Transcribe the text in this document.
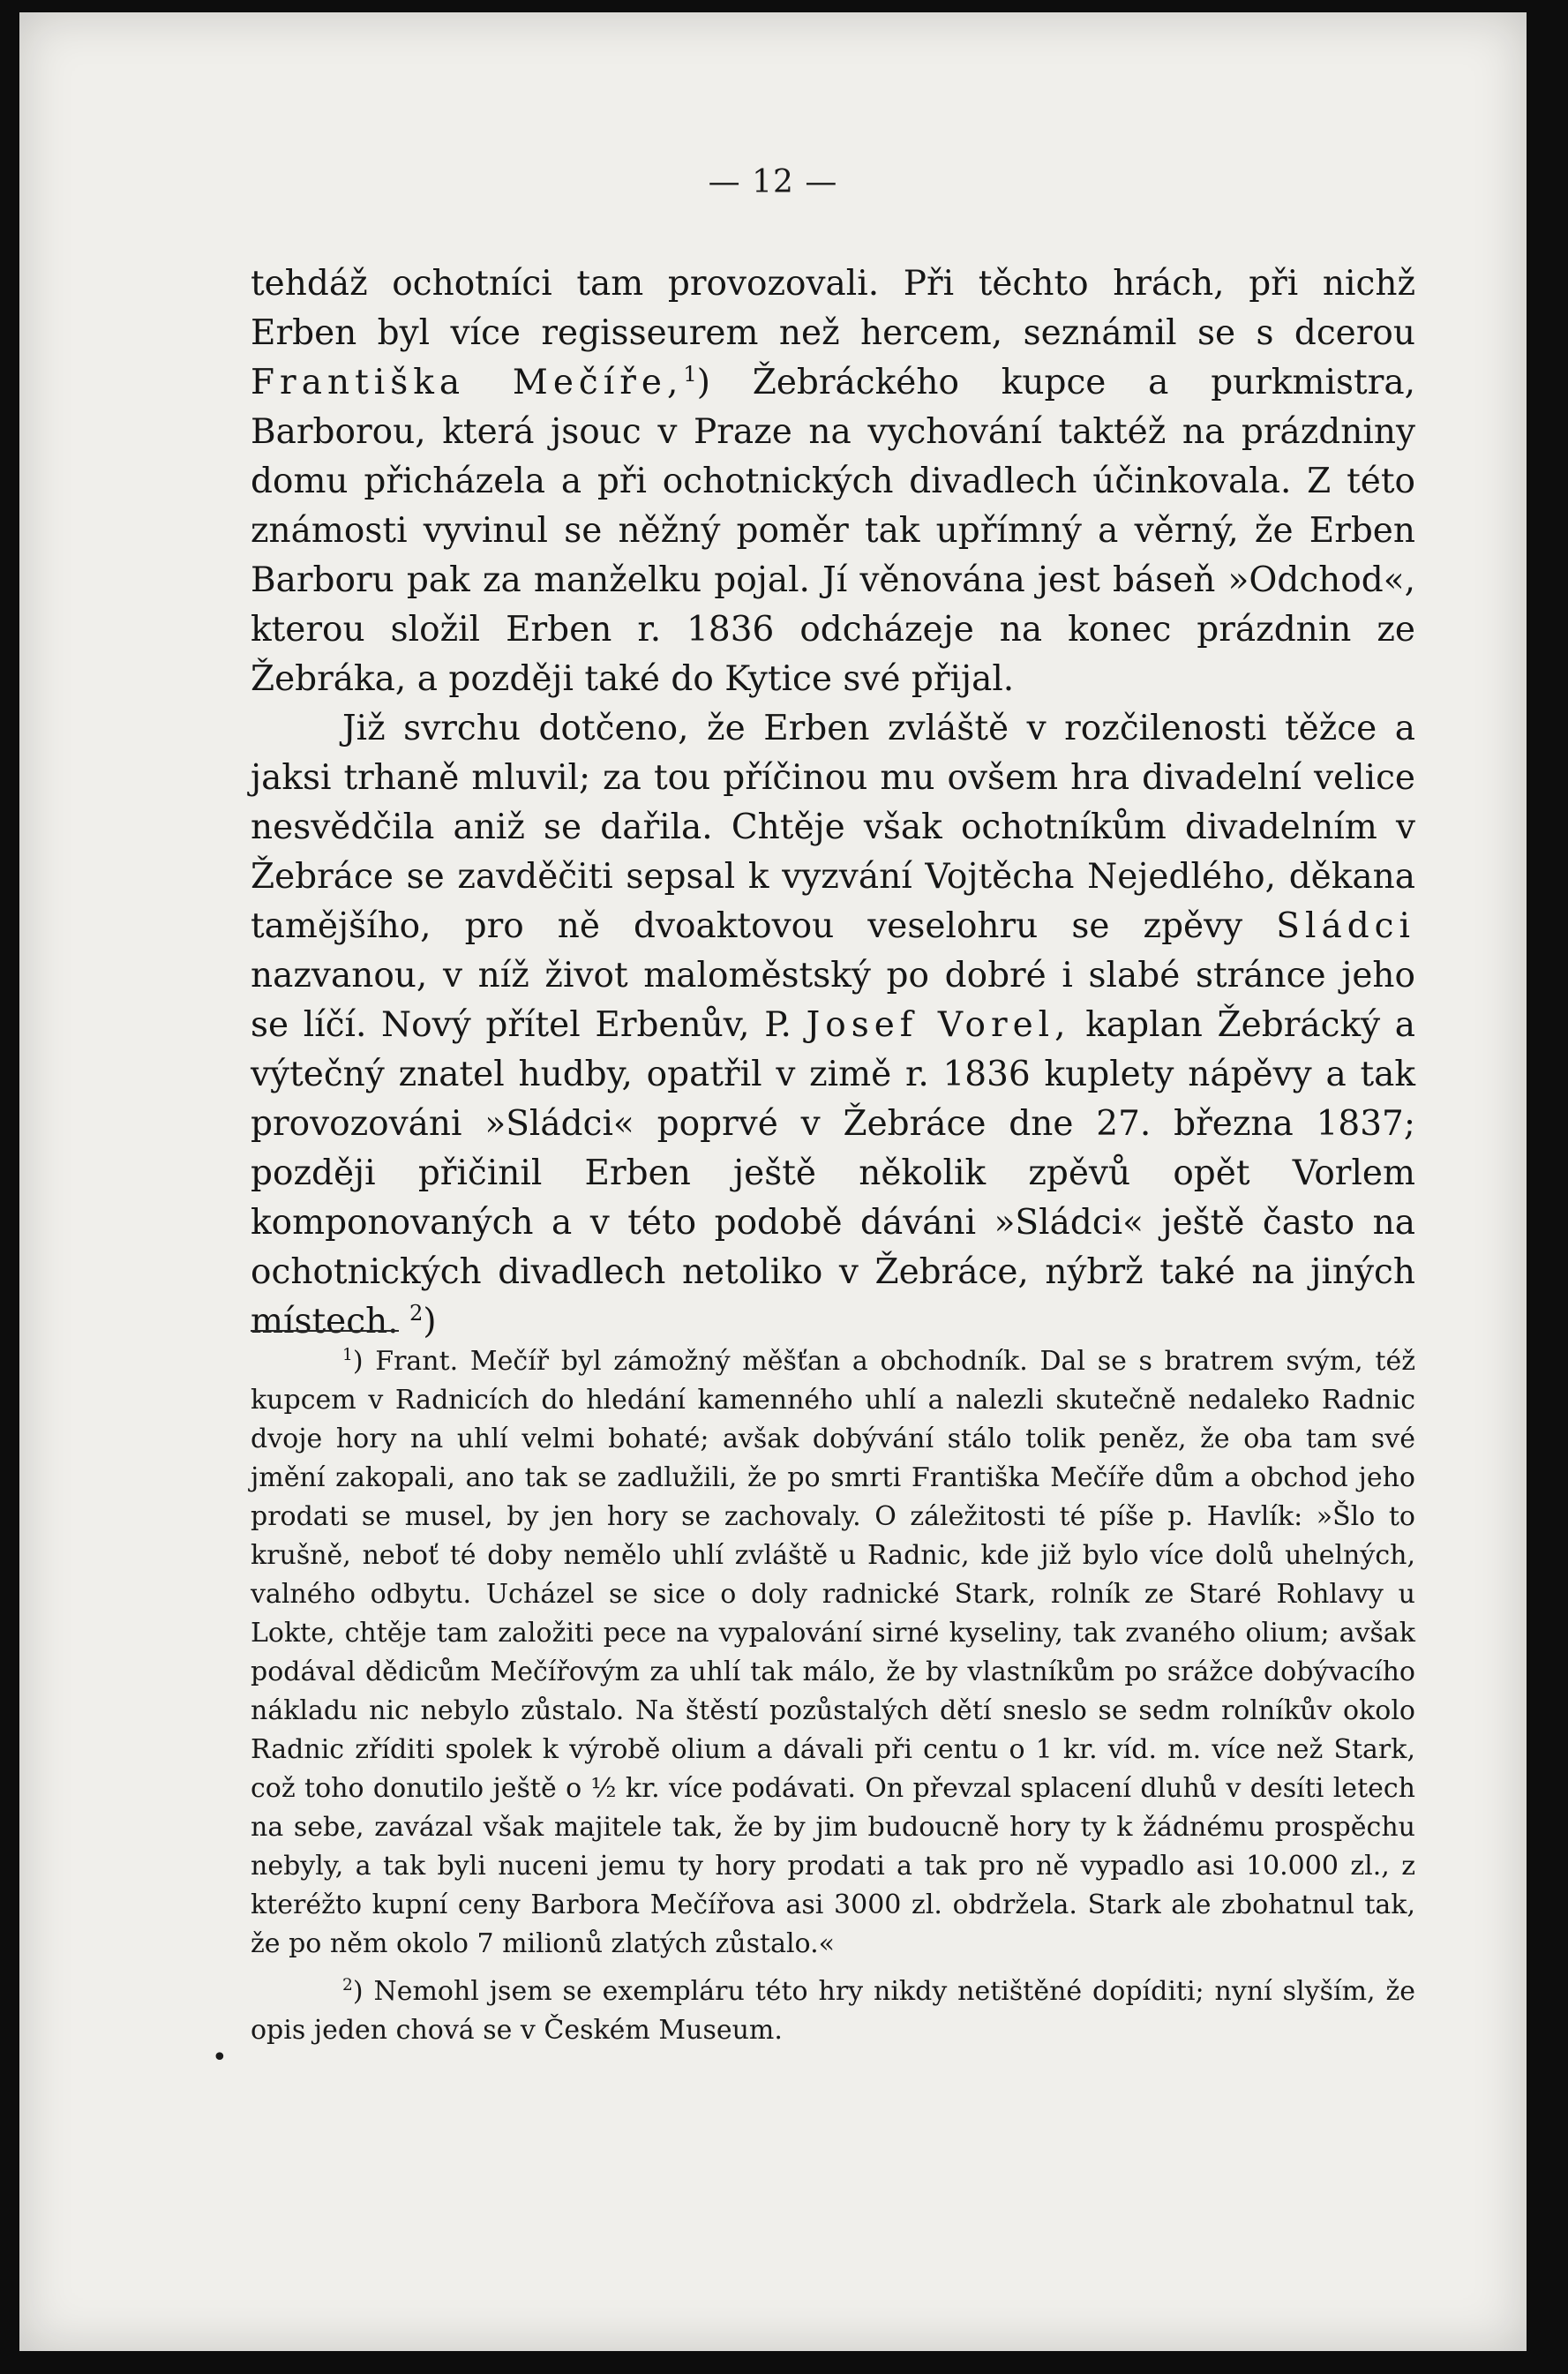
— 12 —

tehdáž ochotníci tam provozovali. Při těchto hrách, při nichž Erben byl více regisseurem než hercem, seznámil se s dcerou Františka Mečíře,$^1$) Žebráckého kupce a purkmistra, Barborou, která jsouc v Praze na vychování taktéž na prázdniny domu přicházela a při ochotnických divadlech účinkovala. Z této známosti vyvinul se něžný poměr tak upřímný a věrný, že Erben Barboru pak za manželku pojal. Jí věnována jest báseň »Odchod«, kterou složil Erben r. 1836 odcházeje na konec prázdnin ze Žebráka, a později také do Kytice své přijal.

Již svrchu dotčeno, že Erben zvláště v rozčilenosti těžce a jaksi trhaně mluvil; za tou příčinou mu ovšem hra divadelní velice nesvědčila aniž se dařila. Chtěje však ochotníkům divadelním v Žebráce se zavděčiti sepsal k vyzvání Vojtěcha Nejedlého, děkana tamějšího, pro ně dvoaktovou veselohru se zpěvy Sládci nazvanou, v níž život maloměstský po dobré i slabé stránce jeho se líčí. Nový přítel Erbenův, P. Josef Vorel, kaplan Žebrácký a výtečný znatel hudby, opatřil v zimě r. 1836 kuplety nápěvy a tak provozováni »Sládci« poprvé v Žebráce dne 27. března 1837; později přičinil Erben ještě několik zpěvů opět Vorlem komponovaných a v této podobě dáváni »Sládci« ještě často na ochotnických divadlech netoliko v Žebráce, nýbrž také na jiných místech. $^2$)

$^1$) Frant. Mečíř byl zámožný měšťan a obchodník. Dal se s bratrem svým, též kupcem v Radnicích do hledání kamenného uhlí a nalezli skutečně nedaleko Radnic dvoje hory na uhlí velmi bohaté; avšak dobývání stálo tolik peněz, že oba tam své jmění zakopali, ano tak se zadlužili, že po smrti Františka Mečíře dům a obchod jeho prodati se musel, by jen hory se zachovaly. O záležitosti té píše p. Havlík: »Šlo to krušně, neboť té doby nemělo uhlí zvláště u Radnic, kde již bylo více dolů uhelných, valného odbytu. Ucházel se sice o doly radnické Stark, rolník ze Staré Rohlavy u Lokte, chtěje tam založiti pece na vypalování sirné kyseliny, tak zvaného olium; avšak podával dědicům Mečířovým za uhlí tak málo, že by vlastníkům po srážce dobývacího nákladu nic nebylo zůstalo. Na štěstí pozůstalých dětí sneslo se sedm rolníkův okolo Radnic zříditi spolek k výrobě olium a dávali při centu o 1 kr. víd. m. více než Stark, což toho donutilo ještě o ½ kr. více podávati. On převzal splacení dluhů v desíti letech na sebe, zavázal však majitele tak, že by jim budoucně hory ty k žádnému prospěchu nebyly, a tak byli nuceni jemu ty hory prodati a tak pro ně vypadlo asi 10.000 zl., z kteréžto kupní ceny Barbora Mečířova asi 3000 zl. obdržela. Stark ale zbohatnul tak, že po něm okolo 7 milionů zlatých zůstalo.«

$^2$) Nemohl jsem se exempláru této hry nikdy netištěné dopíditi; nyní slyším, že opis jeden chová se v Českém Museum.

•
